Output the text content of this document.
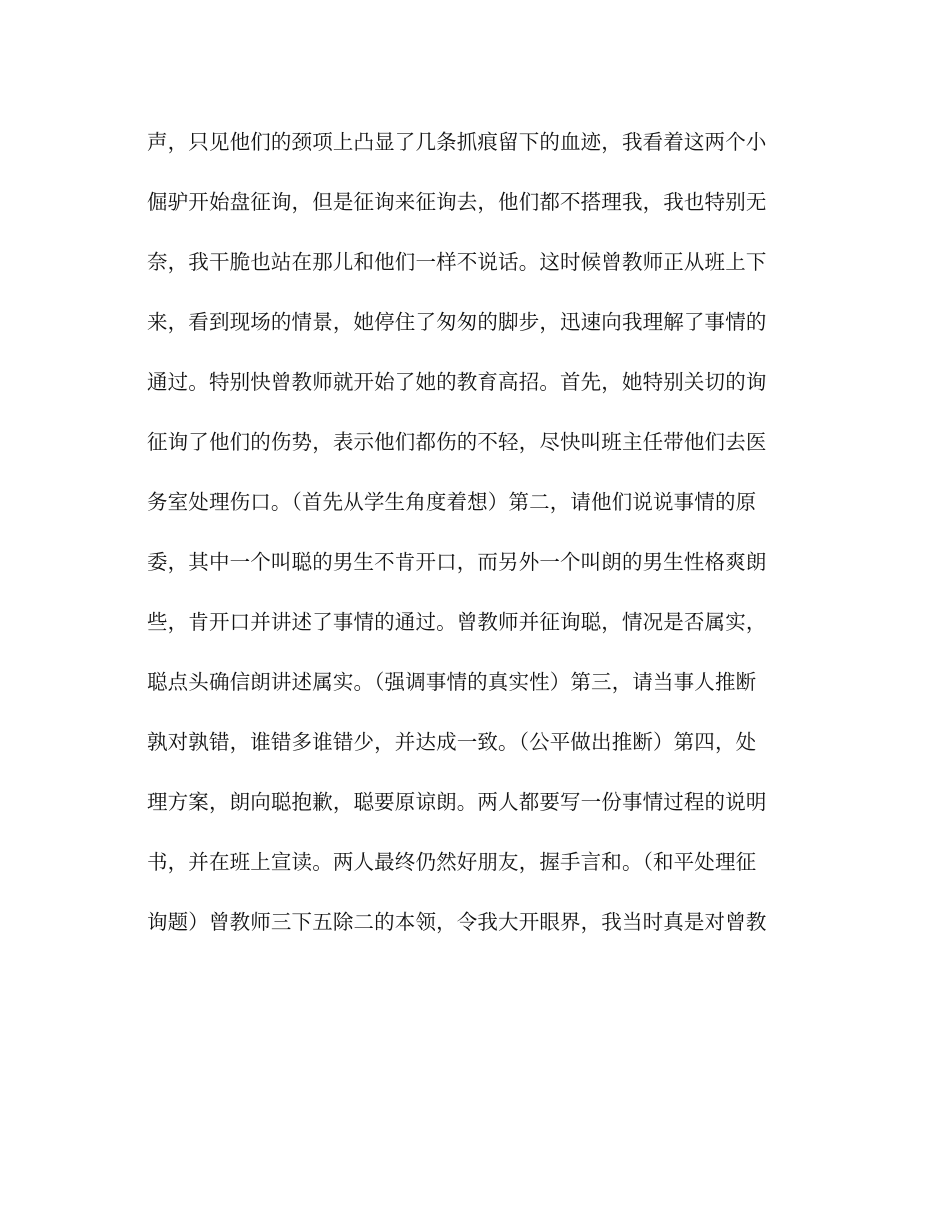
声，只见他们的颈项上凸显了几条抓痕留下的血迹，我看着这两个小
倔驴开始盘征询，但是征询来征询去，他们都不搭理我，我也特别无
奈，我干脆也站在那儿和他们一样不说话。这时候曾教师正从班上下
来，看到现场的情景，她停住了匆匆的脚步，迅速向我理解了事情的
通过。特别快曾教师就开始了她的教育高招。首先，她特别关切的询
征询了他们的伤势，表示他们都伤的不轻，尽快叫班主任带他们去医
务室处理伤口。（首先从学生角度着想）第二，请他们说说事情的原
委，其中一个叫聪的男生不肯开口，而另外一个叫朗的男生性格爽朗
些，肯开口并讲述了事情的通过。曾教师并征询聪，情况是否属实，
聪点头确信朗讲述属实。（强调事情的真实性）第三，请当事人推断
孰对孰错，谁错多谁错少，并达成一致。（公平做出推断）第四，处
理方案，朗向聪抱歉，聪要原谅朗。两人都要写一份事情过程的说明
书，并在班上宣读。两人最终仍然好朋友，握手言和。（和平处理征
询题）曾教师三下五除二的本领，令我大开眼界，我当时真是对曾教
